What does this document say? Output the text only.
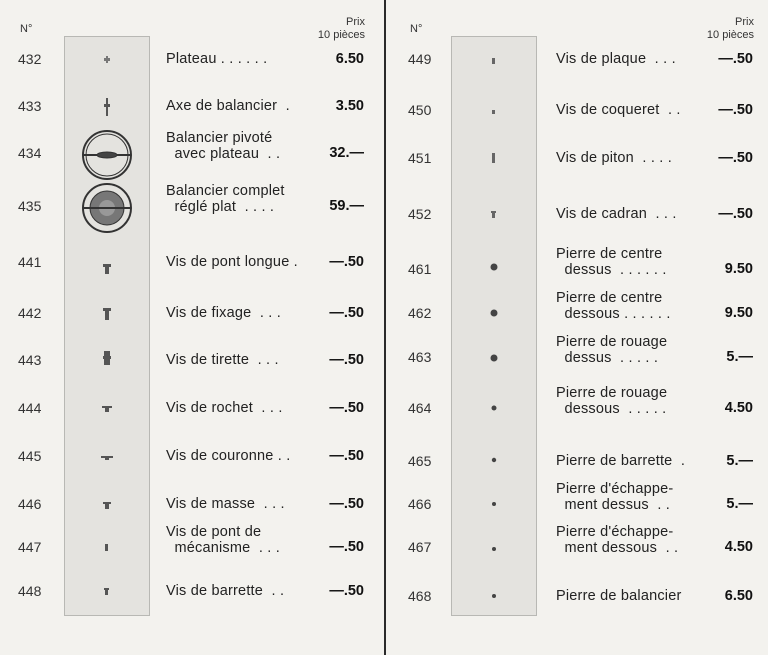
N°
Prix
10 pièces
432	Plateau . . . . . .	6.50
433	Axe de balancier  .	3.50
434
Balancier pivoté
avec plateau  . .	32.—
435
Balancier complet
réglé plat  . . . .	59.—
441	Vis de pont longue .	—.50
442	Vis de fixage  . . .	—.50
443	Vis de tirette  . . .	—.50
444	Vis de rochet  . . .	—.50
445	Vis de couronne . .	—.50
446	Vis de masse  . . .	—.50
447
Vis de pont de
mécanisme  . . .	—.50
448	Vis de barrette  . .	—.50
N°
Prix
10 pièces
449	Vis de plaque  . . .	—.50
450	Vis de coqueret  . .	—.50
451	Vis de piton  . . . .	—.50
452	Vis de cadran  . . .	—.50
461
Pierre de centre
dessus  . . . . . .	9.50
462
Pierre de centre
dessous . . . . . .	9.50
463
Pierre de rouage
dessus  . . . . .	5.—
464
Pierre de rouage
dessous  . . . . .	4.50
465	Pierre de barrette  .	5.—
466
Pierre d'échappe-
ment dessus  . .	5.—
467
Pierre d'échappe-
ment dessous  . .	4.50
468	Pierre de balancier	6.50
